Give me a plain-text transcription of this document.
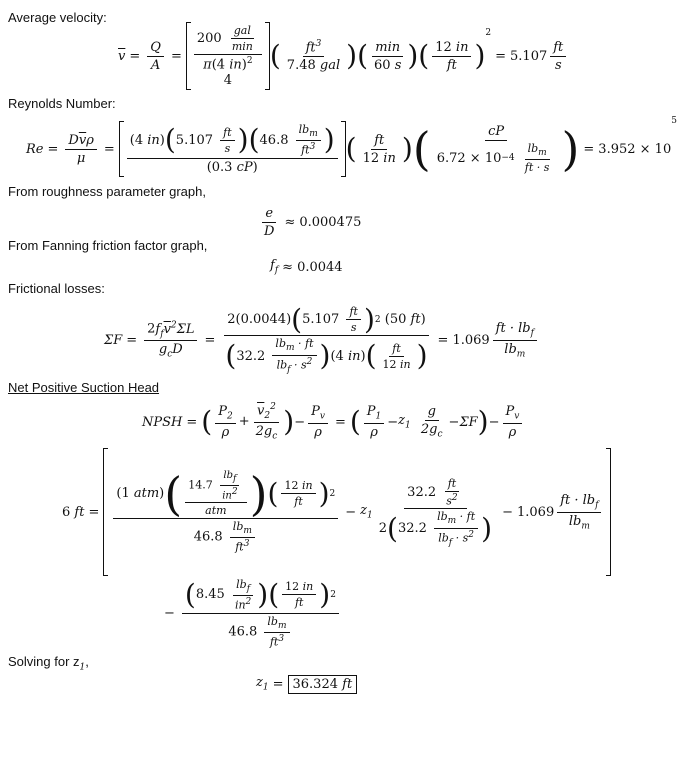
Average velocity:
$\overline{v} = \frac{Q}{A}$ =
$200 \frac{\text{gal}}{\min}$
π(4 in)$^2$
4
( $\frac{ft^3}{\text{7.48 gal}}$
) ( $\frac{\min}{60 s}$
) ( $\frac{12 in}{ft}$
)
2
= $5.107 \frac{ft}{s}$
Reynolds Number:
$Re = \frac{D\overline{v}\rho}{\mu}$ = ( 4
in ) ( 5.107
$\frac{ft}{s}$
) ( 46.8
$\frac{lb_m}{ft^3}$
)
(0.3 cP) ( $\frac{ft}{12 in}$
)	( cP
6.72 × 10 −4
$\frac{lb_m}{ft \cdot s}$
) = 3.952 × 10
5
From roughness parameter graph,
$\frac{e}{D} \approx 0.000475$
From Fanning friction factor graph,
$f_f \approx 0.0044$
Frictional losses:
$\Sigma F = \frac{2f_f\overline{v}^2\Sigma L}{g_cD} = 2$( 0.0044 ) ( 5.107
$\frac{ft}{s}$
) 2 ( 50
ft )
( 32.2
$\frac{lb_m \cdot ft}{lb_f \cdot s^2}$
) ( 4
in ) ( $\frac{ft}{12 in}$
) = $1.069 \frac{ft \cdot lb_f}{lb_m}$
Net Positive Suction Head
NPSH = ( $\frac{P_2}{\rho} + \frac{\overline{v}_2^2}{2g_c}$
) − $\frac{P_v}{\rho}$ = ( $\frac{P_1}{\rho} - z_1$
$\frac{g}{2g_c} - \Sigma F$
) − $\frac{P_v}{\rho}$
6
ft = (1 atm ) ( $\frac{14.7 \frac{lb_f}{in^2}}{\text{atm}}$
)	( $\frac{12 in}{ft}$
) 2
$46.8 \frac{lb_m}{ft^3} - z_1$ $32.2 \frac{ft}{s^2}$
2 ( 32.2
$\frac{lb_m \cdot ft}{lb_f \cdot s^2}$
) − $1.069 \frac{ft \cdot lb_f}{lb_m}$
− ( 8.45
$\frac{lb_f}{in^2}$
)	( $\frac{12 in}{ft}$
) 2
$46.8 \frac{lb_m}{ft^3}$
Solving for $z_1$,
$z_1 = 36.324$ ft
